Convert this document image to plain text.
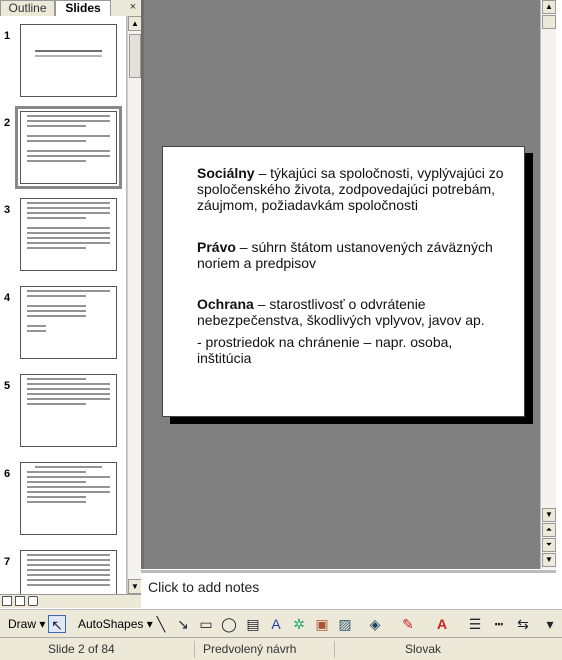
Outline	Slides	×
1
2
3
4
5
6
7
▲
▼
Sociálny – týkajúci sa spoločnosti, vyplývajúci zo spoločenského života, zodpovedajúci potrebám, záujmom, požiadavkám spoločnosti
Právo – súhrn štátom ustanovených záväzných noriem a predpisov
Ochrana – starostlivosť o odvrátenie nebezpečenstva, škodlivých vplyvov, javov ap.
- prostriedok na chránenie – napr. osoba, inštitúcia
▲
▼
⏶
⏷
▼
Click to add notes
Draw ▾ ↖ AutoShapes ▾ ╲ ↘ ▭ ◯ ▤ A ✲ ▣ ▨ ◈ ✎ A ☰ ┅ ⇆	▾
Slide 2 of 84	Predvolený návrh	Slovak
